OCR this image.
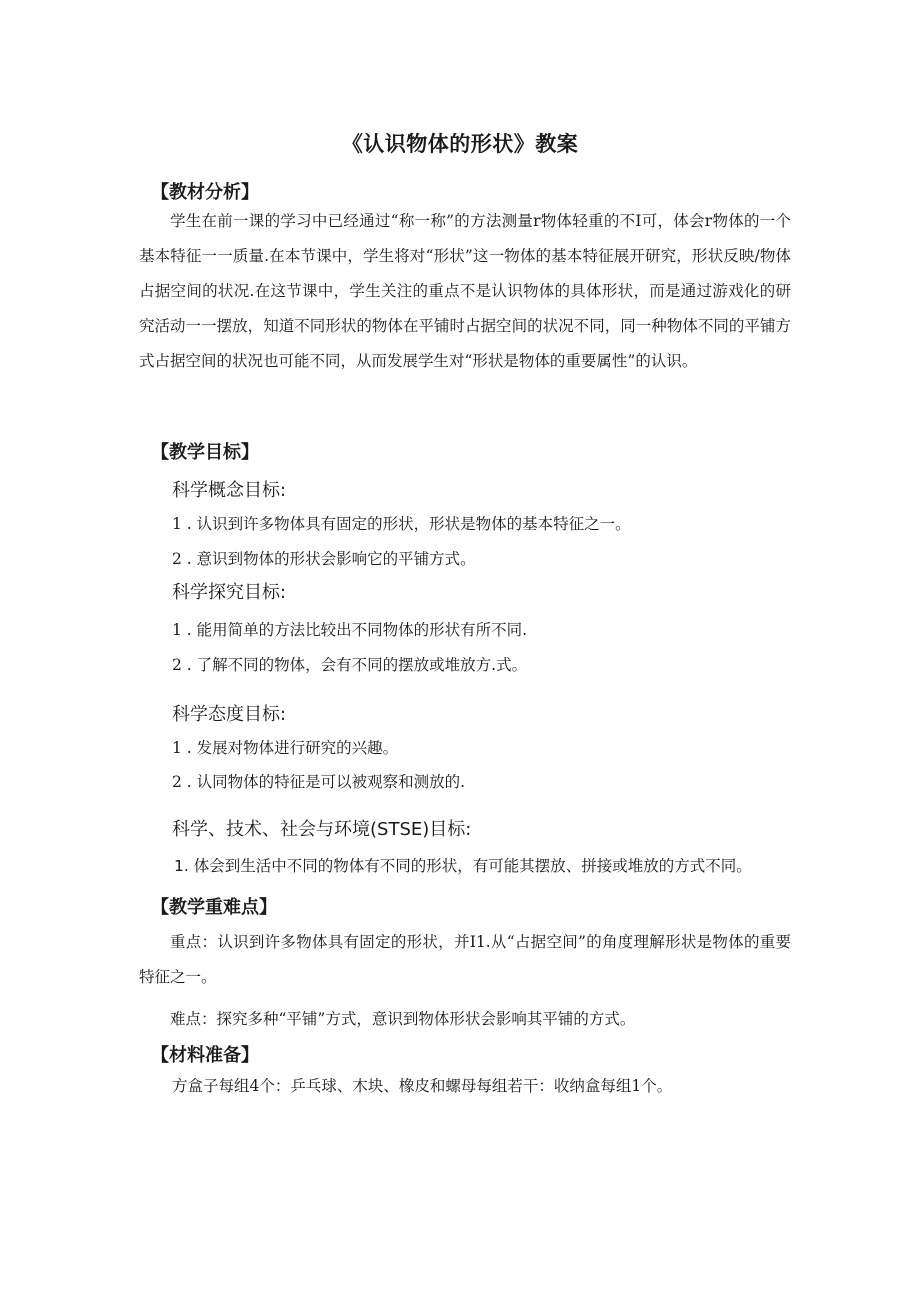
《认识物体的形状》教案
【教材分析】
学生在前一课的学习中已经通过“称一称”的方法测量r物体轻重的不I可，体会r物体的一个基本特征一一质量.在本节课中，学生将对“形状”这一物体的基本特征展开研究，形状反映/物体占据空间的状况.在这节课中，学生关注的重点不是认识物体的具体形状，而是通过游戏化的研究活动一一摆放，知道不同形状的物体在平铺时占据空间的状况不同，同一种物体不同的平铺方式占据空间的状况也可能不同，从而发展学生对“形状是物体的重要属性”的认识。
【教学目标】
科学概念目标:
1 . 认识到许多物体具有固定的形状，形状是物体的基本特征之一。
2 . 意识到物体的形状会影响它的平铺方式。
科学探究目标:
1 . 能用简单的方法比较出不同物体的形状有所不同.
2 . 了解不同的物体，会有不同的摆放或堆放方.式。
科学态度目标:
1 . 发展对物体进行研究的兴趣。
2 . 认同物体的特征是可以被观察和测放的.
科学、技术、社会与环境(STSE)目标:
1. 体会到生活中不同的物体有不同的形状，有可能其摆放、拼接或堆放的方式不同。
【教学重难点】
重点：认识到许多物体具有固定的形状，并I1.从“占据空间”的角度理解形状是物体的重要特征之一。
难点：探究多种“平铺”方式，意识到物体形状会影响其平铺的方式。
【材料准备】
方盒子每组4个：乒乓球、木块、橡皮和螺母每组若干：收纳盒每组1个。
